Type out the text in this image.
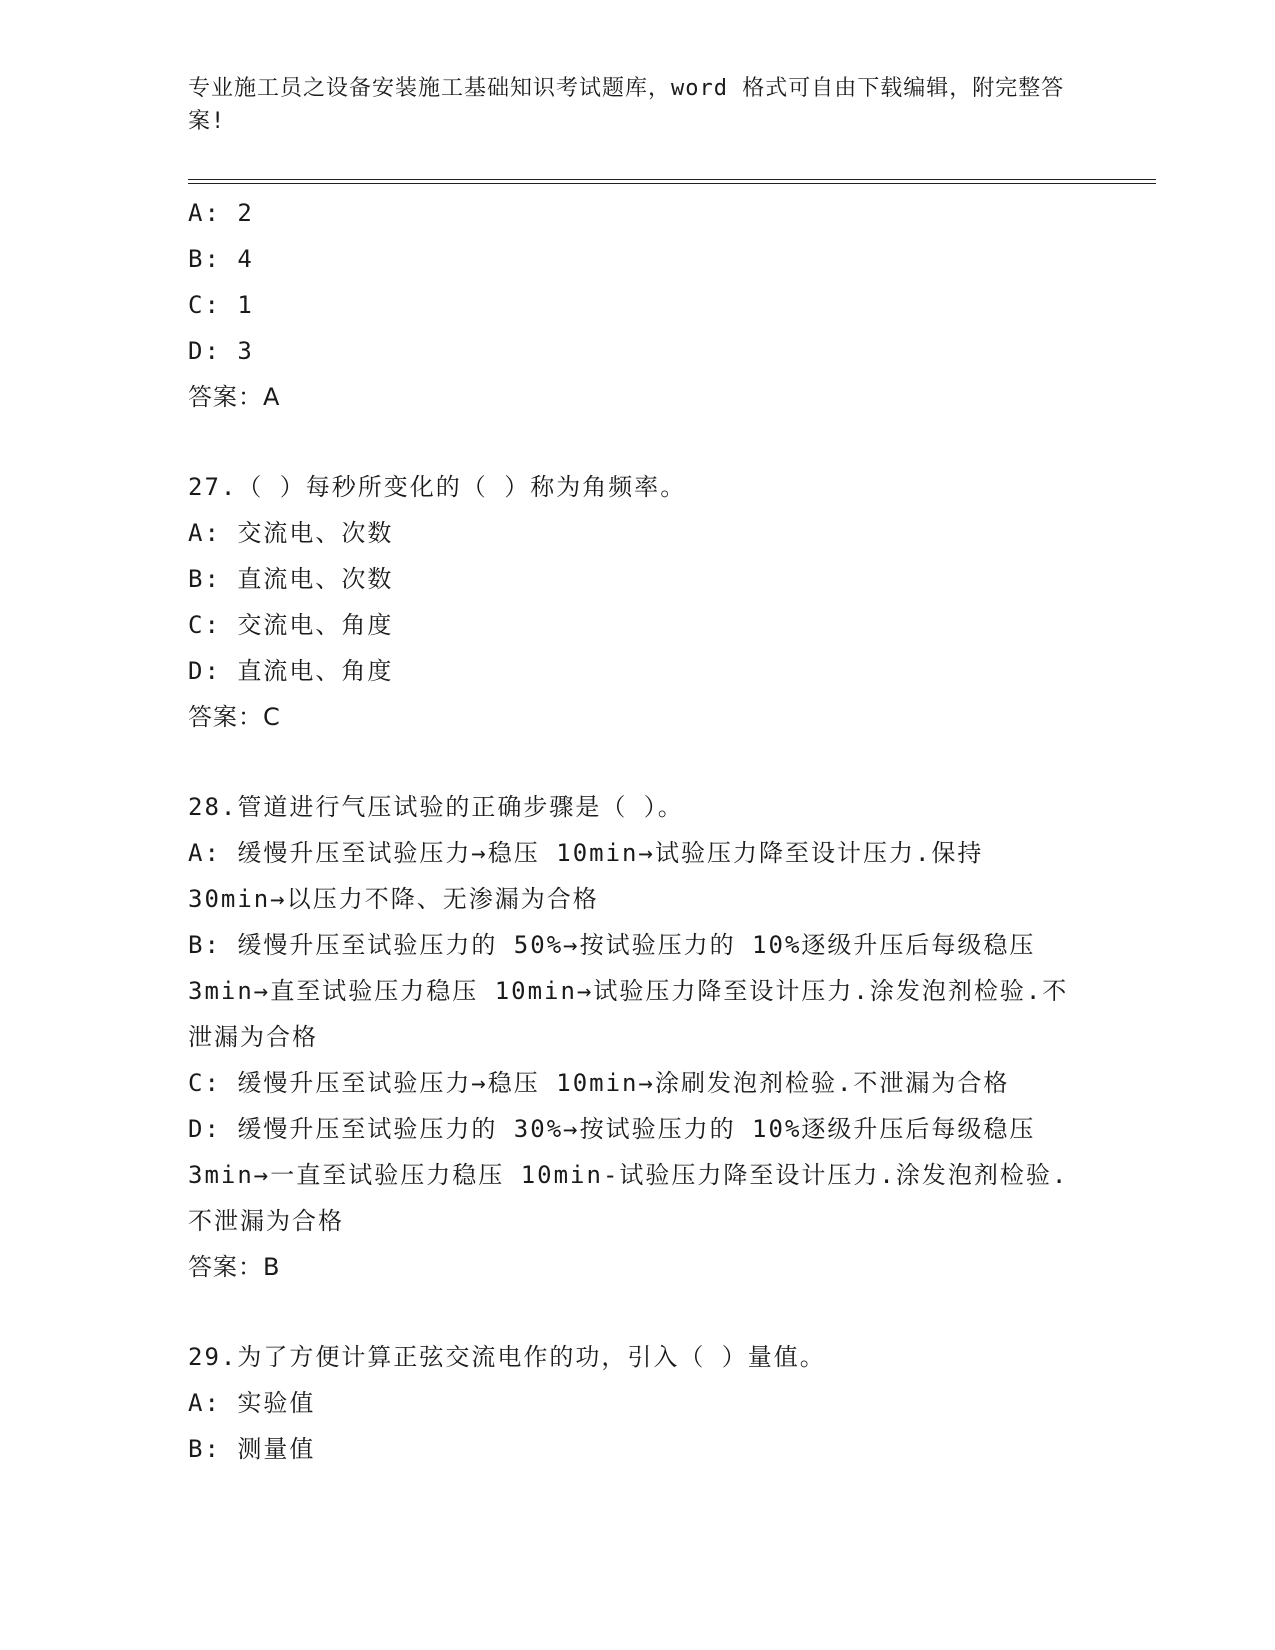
专业施工员之设备安装施工基础知识考试题库，word 格式可自由下载编辑，附完整答案!
A: 2
B: 4
C: 1
D: 3
答案：A
27.（ ）每秒所变化的（ ）称为角频率。
A: 交流电、次数
B: 直流电、次数
C: 交流电、角度
D: 直流电、角度
答案：C
28.管道进行气压试验的正确步骤是（ ）。
A: 缓慢升压至试验压力→稳压 10min→试验压力降至设计压力.保持 30min→以压力不降、无渗漏为合格
B: 缓慢升压至试验压力的 50%→按试验压力的 10%逐级升压后每级稳压 3min→直至试验压力稳压 10min→试验压力降至设计压力.涂发泡剂检验.不泄漏为合格
C: 缓慢升压至试验压力→稳压 10min→涂刷发泡剂检验.不泄漏为合格
D: 缓慢升压至试验压力的 30%→按试验压力的 10%逐级升压后每级稳压 3min→一直至试验压力稳压 10min-试验压力降至设计压力.涂发泡剂检验.不泄漏为合格
答案：B
29.为了方便计算正弦交流电作的功，引入（ ）量值。
A: 实验值
B: 测量值
